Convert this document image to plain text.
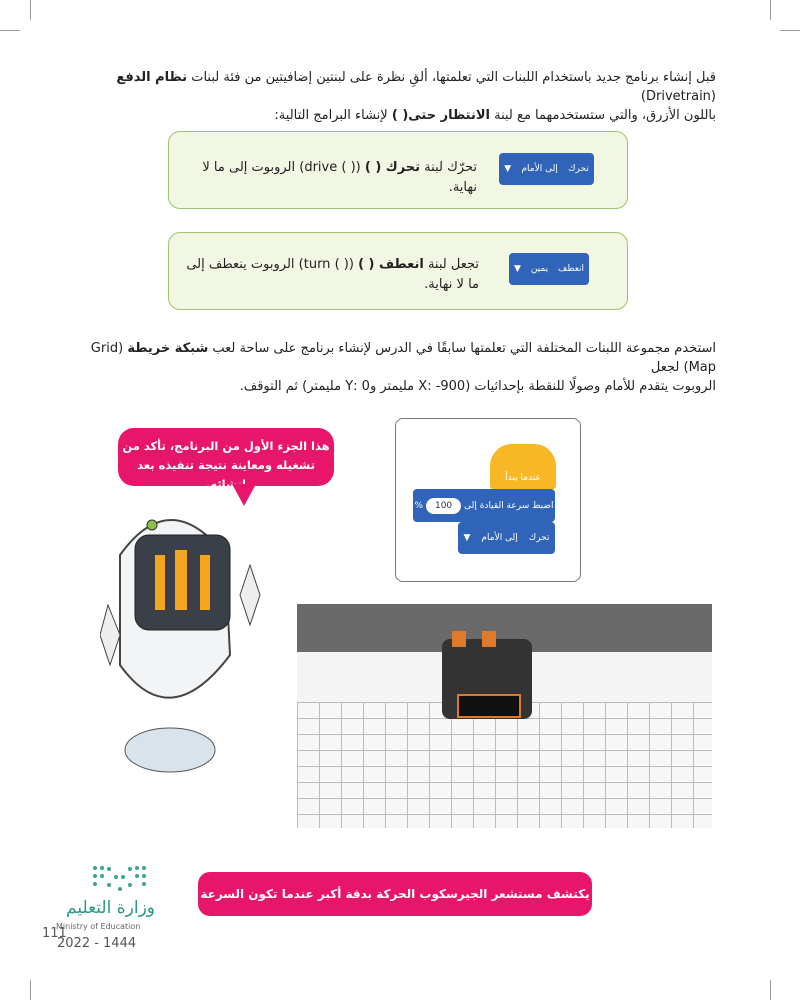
قبل إنشاء برنامج جديد باستخدام اللبنات التي تعلمتها، ألقِ نظرة على لبنتين إضافيتين من فئة لبنات نظام الدفع (Drivetrain)
باللون الأزرق، والتي ستستخدمهما مع لبنة الانتظار حتى( ) لإنشاء البرامج التالية:
تحرك
إلى الأمام
▼
تحرّك لبنة تحرك ( ) (( ) drive) الروبوت إلى ما لا نهاية.
انعطف
يمين
▼
تجعل لبنة انعطف ( ) (( ) turn) الروبوت ينعطف إلى ما لا نهاية.
استخدم مجموعة اللبنات المختلفة التي تعلمتها سابقًا في الدرس لإنشاء برنامج على ساحة لعب شبكة خريطة (Grid Map) لجعل
الروبوت يتقدم للأمام وصولًا للنقطة بإحداثيات (900- :X مليمتر و0 :Y مليمتر) ثم التوقف.
عندما يبدأ
اضبط سرعة القيادة إلى
100
%
تحرك
إلى الأمام
▼
هذا الجزء الأول من البرنامج، تأكد من تشغيله ومعاينة نتيجة تنفيذه بعد إنشائه.
يكتشف مستشعر الجيرسكوب الحركة بدقة أكبر عندما تكون السرعة منخفضة.
وزارة التعليم
Ministry of Education
111
2022 - 1444
